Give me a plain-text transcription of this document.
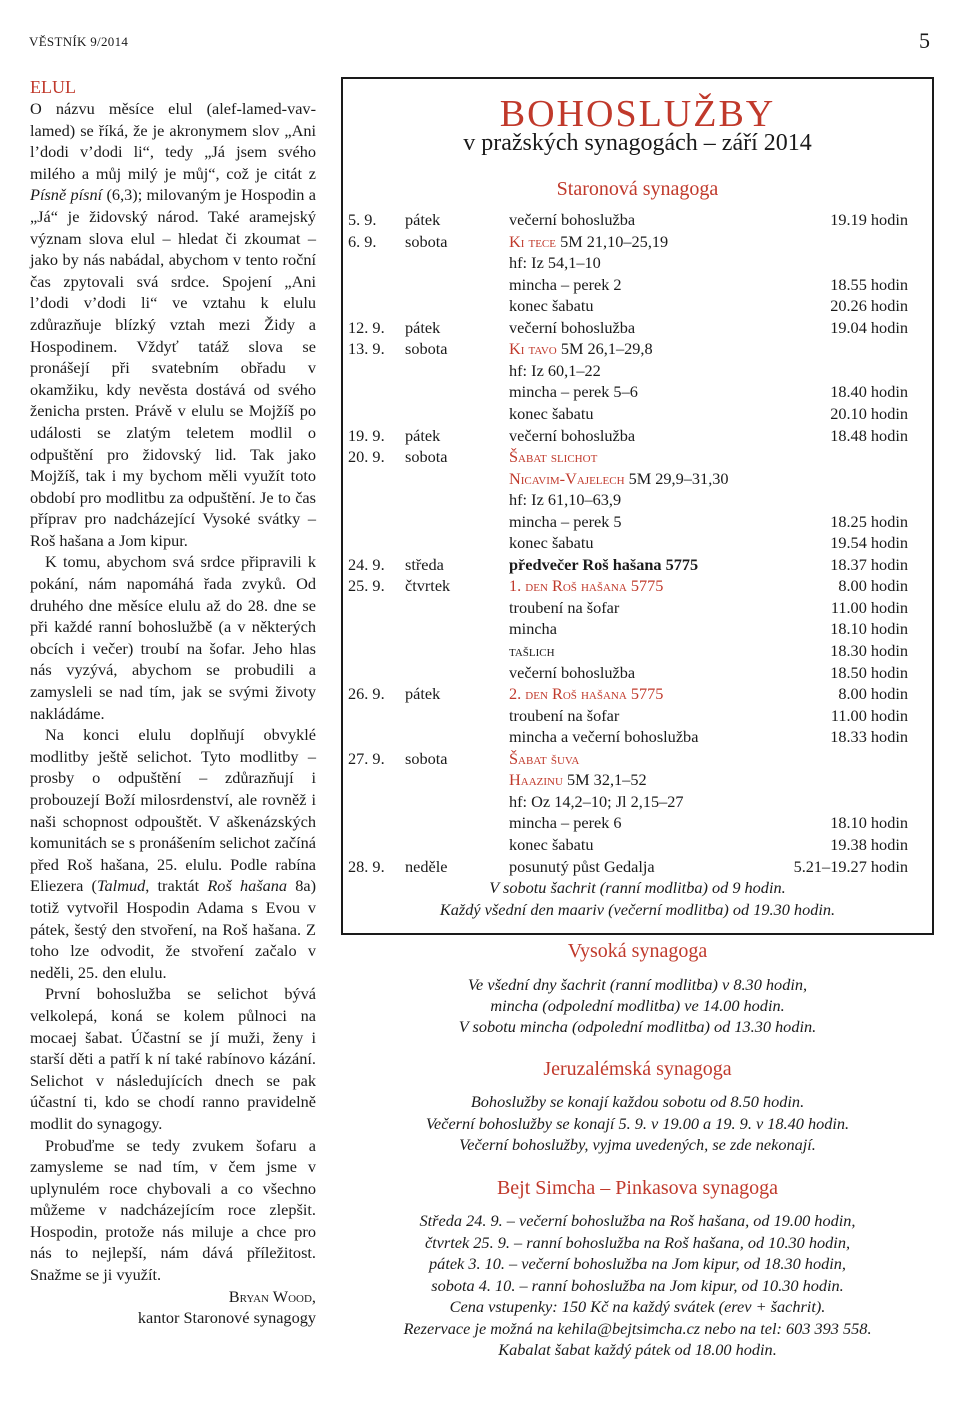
VĚSTNÍK 9/2014	5
ELUL

O názvu měsíce elul (alef-lamed-vav-lamed) se říká, že je akronymem slov „Ani l’dodi v’dodi li“, tedy „Já jsem svého milého a můj milý je můj“, což je citát z Písně písní (6,3); milovaným je Hospodin a „Já“ je židovský národ. Také aramejský význam slova elul – hledat či zkoumat – jako by nás nabádal, abychom v tento roční čas zpytovali svá srdce. Spojení „Ani l’dodi v’dodi li“ ve vztahu k elulu zdůrazňuje blízký vztah mezi Židy a Hospodinem. Vždyť tatáž slova se pronášejí při svatebním obřadu v okamžiku, kdy nevěsta dostává od svého ženicha prsten. Právě v elulu se Mojžíš po události se zlatým teletem modlil o odpuštění pro židovský lid. Tak jako Mojžíš, tak i my bychom měli využít toto období pro modlitbu za odpuštění. Je to čas příprav pro nadcházející Vysoké svátky – Roš hašana a Jom kipur.

K tomu, abychom svá srdce připravili k pokání, nám napomáhá řada zvyků. Od druhého dne měsíce elulu až do 28. dne se při každé ranní bohoslužbě (a v některých obcích i večer) troubí na šofar. Jeho hlas nás vyzývá, abychom se probudili a zamysleli se nad tím, jak se svými životy nakládáme.

Na konci elulu doplňují obvyklé modlitby ještě selichot. Tyto modlitby – prosby o odpuštění – zdůrazňují i probouzejí Boží milosrdenství, ale rovněž i naši schopnost odpouštět. V aškenázských komunitách se s pronášením selichot začíná před Roš hašana, 25. elulu. Podle rabína Eliezera (Talmud, traktát Roš hašana 8a) totiž vytvořil Hospodin Adama s Evou v pátek, šestý den stvoření, na Roš hašana. Z toho lze odvodit, že stvoření začalo v neděli, 25. den elulu.

První bohoslužba se selichot bývá velkolepá, koná se kolem půlnoci na mocaej šabat. Účastní se jí muži, ženy i starší děti a patří k ní také rabínovo kázání. Selichot v následujících dnech se pak účastní ti, kdo se chodí ranno pravidelně modlit do synagogy.

Probuďme se tedy zvukem šofaru a zamysleme se nad tím, v čem jsme v uplynulém roce chybovali a co všechno můžeme v nadcházejícím roce zlepšit. Hospodin, protože nás miluje a chce pro nás to nejlepší, nám dává příležitost. Snažme se ji využít.

Bryan Wood,

kantor Staronové synagogy

BOHOSLUŽBY
v pražských synagogách – září 2014
Staronová synagoga
5. 9. pátek	večerní bohoslužba	19.19 hodin
6. 9. sobota	Ki tece 5M 21,10–25,19
hf: Iz 54,1–10
mincha – perek 2	18.55 hodin
konec šabatu	20.26 hodin
12. 9. pátek	večerní bohoslužba	19.04 hodin
13. 9. sobota	Ki tavo 5M 26,1–29,8
hf: Iz 60,1–22
mincha – perek 5–6	18.40 hodin
konec šabatu	20.10 hodin
19. 9. pátek	večerní bohoslužba	18.48 hodin
20. 9. sobota	Šabat slichot
Nicavim-Vajelech 5M 29,9–31,30
hf: Iz 61,10–63,9
mincha – perek 5	18.25 hodin
konec šabatu	19.54 hodin
24. 9. středa	předvečer Roš hašana 5775	18.37 hodin
25. 9. čtvrtek	1. den Roš hašana 5775	8.00 hodin
troubení na šofar	11.00 hodin
mincha	18.10 hodin
tašlich	18.30 hodin
večerní bohoslužba	18.50 hodin
26. 9. pátek	2. den Roš hašana 5775	8.00 hodin
troubení na šofar	11.00 hodin
mincha a večerní bohoslužba	18.33 hodin
27. 9. sobota	Šabat šuva
Haazinu 5M 32,1–52
hf: Oz 14,2–10; Jl 2,15–27
mincha – perek 6	18.10 hodin
konec šabatu	19.38 hodin
28. 9. neděle	posunutý půst Gedalja	5.21–19.27 hodin
V sobotu šachrit (ranní modlitba) od 9 hodin.
Každý všední den maariv (večerní modlitba) od 19.30 hodin.
Vysoká synagoga
Ve všední dny šachrit (ranní modlitba) v 8.30 hodin,
mincha (odpolední modlitba) ve 14.00 hodin.
V sobotu mincha (odpolední modlitba) od 13.30 hodin.
Jeruzalémská synagoga
Bohoslužby se konají každou sobotu od 8.50 hodin.
Večerní bohoslužby se konají 5. 9. v 19.00 a 19. 9. v 18.40 hodin.
Večerní bohoslužby, vyjma uvedených, se zde nekonají.
Bejt Simcha – Pinkasova synagoga
Středa 24. 9. – večerní bohoslužba na Roš hašana, od 19.00 hodin,
čtvrtek 25. 9. – ranní bohoslužba na Roš hašana, od 10.30 hodin,
pátek 3. 10. – večerní bohoslužba na Jom kipur, od 18.30 hodin,
sobota 4. 10. – ranní bohoslužba na Jom kipur, od 10.30 hodin.
Cena vstupenky: 150 Kč na každý svátek (erev + šachrit).
Rezervace je možná na kehila@bejtsimcha.cz nebo na tel: 603 393 558.
Kabalat šabat každý pátek od 18.00 hodin.
